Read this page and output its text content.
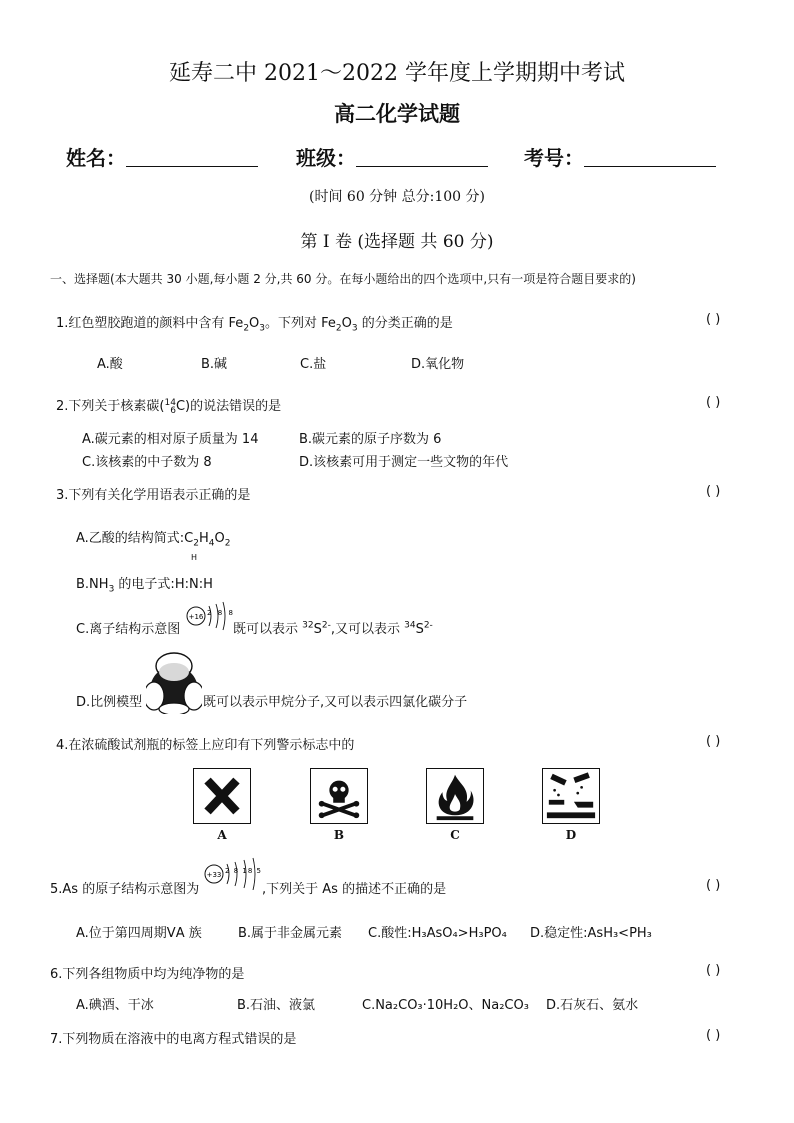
延寿二中 2021～2022 学年度上学期期中考试
高二化学试题
姓名：	班级：	考号：
(时间 60 分钟 总分:100 分)
第 I 卷 (选择题 共 60 分)
一、选择题(本大题共 30 小题,每小题 2 分,共 60 分。在每小题给出的四个选项中,只有一项是符合题目要求的)
1.红色塑胶跑道的颜料中含有 $Fe_2O_3$。下列对 $Fe_2O_3$ 的分类正确的是	( )
A.酸	B.碱	C.盐	D.氧化物
2.下列关于核素碳(14
6C)的说法错误的是	( )
A.碳元素的相对原子质量为 14	B.碳元素的原子序数为 6
C.该核素的中子数为 8	D.该核素可用于测定一些文物的年代
3.下列有关化学用语表示正确的是	( )
A.乙酸的结构简式$:C_2H_4O_2$
H
$B.NH_3$ 的电子式:H:N:H
C.离子结构示意图
+16 2 8 8
既可以表示 $^{32}S^{2-}$,又可以表示 $^{34}S^{2-}$
D.比例模型	既可以表示甲烷分子,又可以表示四氯化碳分子
4.在浓硫酸试剂瓶的标签上应印有下列警示标志中的	( )
A	B	C	D
5.As 的原子结构示意图为
+33 2 8 18 5
,下列关于 As 的描述不正确的是	( )
A.位于第四周期ⅤA 族	B.属于非金属元素 C.酸性:H₃AsO₄>H₃PO₄ D.稳定性:AsH₃<PH₃
6.下列各组物质中均为纯净物的是	( )
A.碘酒、干冰	B.石油、液氯	C.Na₂CO₃·10H₂O、Na₂CO₃ D.石灰石、氨水
7.下列物质在溶液中的电离方程式错误的是	( )
